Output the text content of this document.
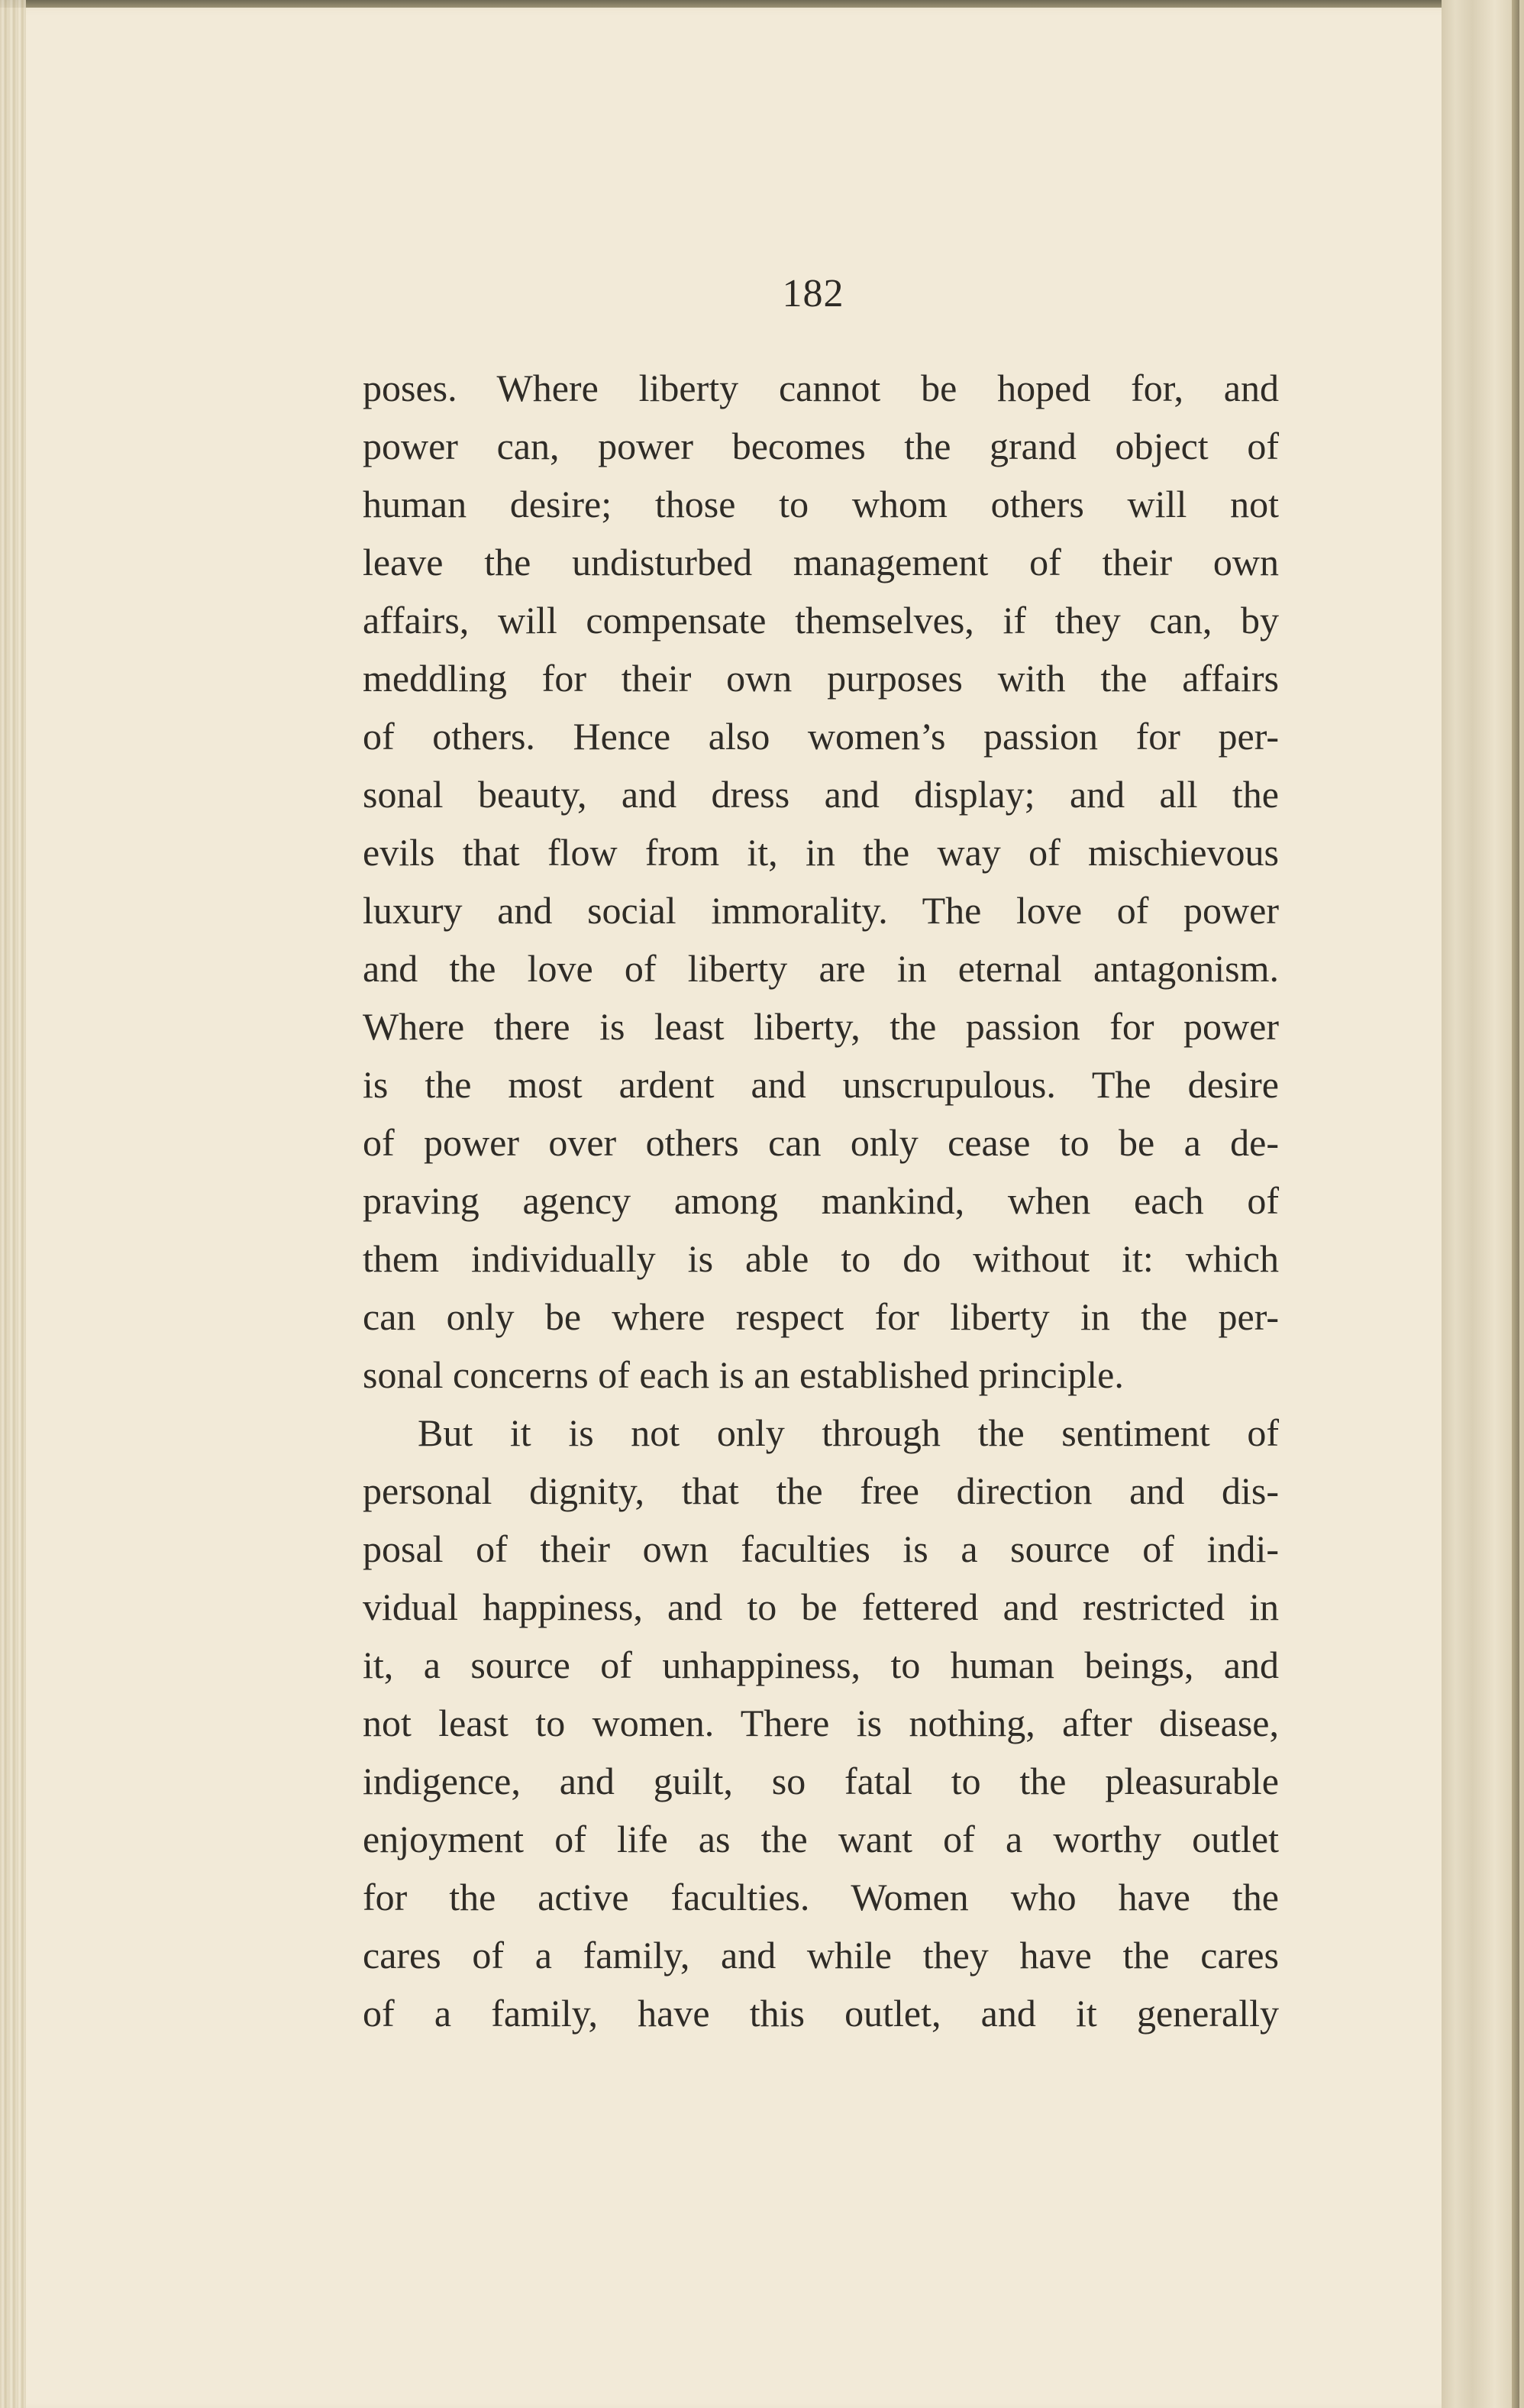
182
poses. Where liberty cannot be hoped for, and
power can, power becomes the grand object of
human desire; those to whom others will not
leave the undisturbed management of their own
affairs, will compensate themselves, if they can, by
meddling for their own purposes with the affairs
of others. Hence also women’s passion for per-
sonal beauty, and dress and display; and all the
evils that flow from it, in the way of mischievous
luxury and social immorality. The love of power
and the love of liberty are in eternal antagonism.
Where there is least liberty, the passion for power
is the most ardent and unscrupulous. The desire
of power over others can only cease to be a de-
praving agency among mankind, when each of
them individually is able to do without it: which
can only be where respect for liberty in the per-
sonal concerns of each is an established principle.
But it is not only through the sentiment of
personal dignity, that the free direction and dis-
posal of their own faculties is a source of indi-
vidual happiness, and to be fettered and restricted in
it, a source of unhappiness, to human beings, and
not least to women. There is nothing, after disease,
indigence, and guilt, so fatal to the pleasurable
enjoyment of life as the want of a worthy outlet
for the active faculties. Women who have the
cares of a family, and while they have the cares
of a family, have this outlet, and it generally
